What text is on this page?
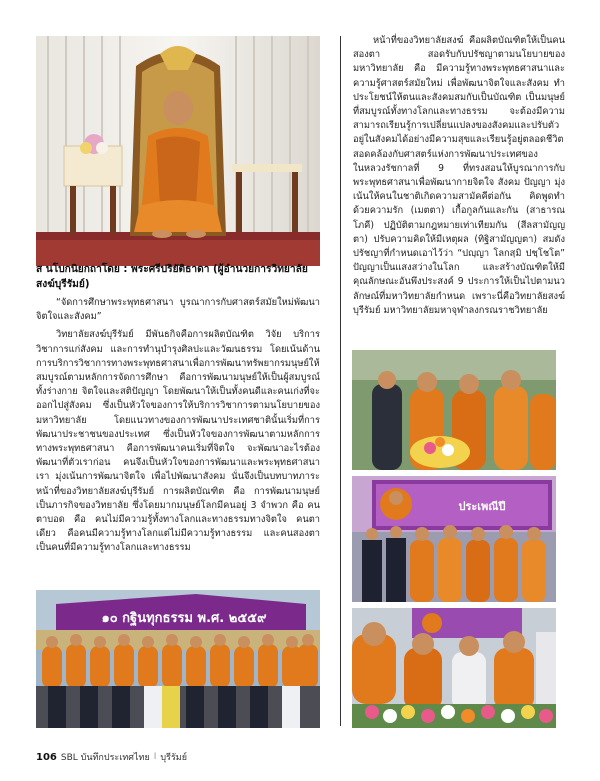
ส นโบกนิยกถาโดย : พระศรีปริยัติธาดา (ผู้อำนวยการวิทยาลัยสงฆ์บุรีรัมย์)

“จัดการศึกษาพระพุทธศาสนา บูรณาการกับศาสตร์สมัยใหม่พัฒนาจิตใจและสังคม”

วิทยาลัยสงฆ์บุรีรัมย์ มีพันธกิจคือการผลิตบัณฑิต วิจัย บริการวิชาการแก่สังคม และการทำนุบำรุงศิลปะและวัฒนธรรม โดยเน้นด้านการบริการวิชาการทางพระพุทธศาสนาเพื่อการพัฒนาทรัพยากรมนุษย์ให้สมบูรณ์ตามหลักการจัดการศึกษา คือการพัฒนามนุษย์ให้เป็นผู้สมบูรณ์ทั้งร่างกาย จิตใจและสติปัญญา โดยพัฒนาให้เป็นทั้งคนดีและคนเก่งที่จะออกไปสู่สังคม ซึ่งเป็นหัวใจของการให้บริการวิชาการตามนโยบายของมหาวิทยาลัย โดยแนวทางของการพัฒนาประเทศชาตินั้นเริ่มที่การพัฒนาประชาชนของประเทศ ซึ่งเป็นหัวใจของการพัฒนาตามหลักการทางพระพุทธศาสนา คือการพัฒนาคนเริ่มที่จิตใจ จะพัฒนาอะไรต้องพัฒนาที่ตัวเราก่อน คนจึงเป็นหัวใจของการพัฒนาและพระพุทธศาสนาเรา มุ่งเน้นการพัฒนาจิตใจ เพื่อไปพัฒนาสังคม นั่นจึงเป็นบทบาทภาระหน้าที่ของวิทยาลัยสงฆ์บุรีรัมย์ การผลิตบัณฑิต คือ การพัฒนามนุษย์ เป็นภารกิจของวิทยาลัย ซึ่งโดยมากมนุษย์โลกมีคนอยู่ 3 จำพวก คือ คนตาบอด คือ คนไม่มีความรู้ทั้งทางโลกและทางธรรมทางจิตใจ คนตาเดียว คือคนมีความรู้ทางโลกแต่ไม่มีความรู้ทางธรรม และคนสองตา เป็นคนที่มีความรู้ทางโลกและทางธรรม

๑๐ กฐินทุกธรรม พ.ศ. ๒๕๕๙

หน้าที่ของวิทยาลัยสงฆ์ คือผลิตบัณฑิตให้เป็นคนสองตา สอดรับกับปรัชญาตามนโยบายของมหาวิทยาลัย คือ มีความรู้ทางพระพุทธศาสนาและความรู้ศาสตร์สมัยใหม่ เพื่อพัฒนาจิตใจและสังคม ทำประโยชน์ให้ตนและสังคมสมกับเป็นบัณฑิต เป็นมนุษย์ที่สมบูรณ์ทั้งทางโลกและทางธรรม จะต้องมีความสามารถเรียนรู้การเปลี่ยนแปลงของสังคมและปรับตัวอยู่ในสังคมได้อย่างมีความสุขและเรียนรู้อยู่ตลอดชีวิต สอดคล้องกับศาสตร์แห่งการพัฒนาประเทศของในหลวงรัชกาลที่ 9 ที่ทรงสอนให้บูรณาการกับพระพุทธศาสนาเพื่อพัฒนากายจิตใจ สังคม ปัญญา มุ่งเน้นให้คนในชาติเกิดความสามัคคีต่อกัน คิดพูดทำด้วยความรัก (เมตตา) เกื้อกูลกันและกัน (สาธารณโภคี) ปฏิบัติตามกฎหมายเท่าเทียมกัน (สีลสามัญญตา) ปรับความคิดให้มีเหตุผล (ทิฐิสามัญญตา) สมดังปรัชญาที่กำหนดเอาไว้ว่า “ปญฺญา โลกสฺมิ ปชฺโชโต” ปัญญาเป็นแสงสว่างในโลก และสร้างบัณฑิตให้มีคุณลักษณะอันพึงประสงค์ 9 ประการให้เป็นไปตามนวลักษณ์ที่มหาวิทยาลัยกำหนด เพราะนี่คือวิทยาลัยสงฆ์บุรีรัมย์ มหาวิทยาลัยมหาจุฬาลงกรณราชวิทยาลัย

ประเพณีปี
106 SBL บันทึกประเทศไทย I บุรีรัมย์
